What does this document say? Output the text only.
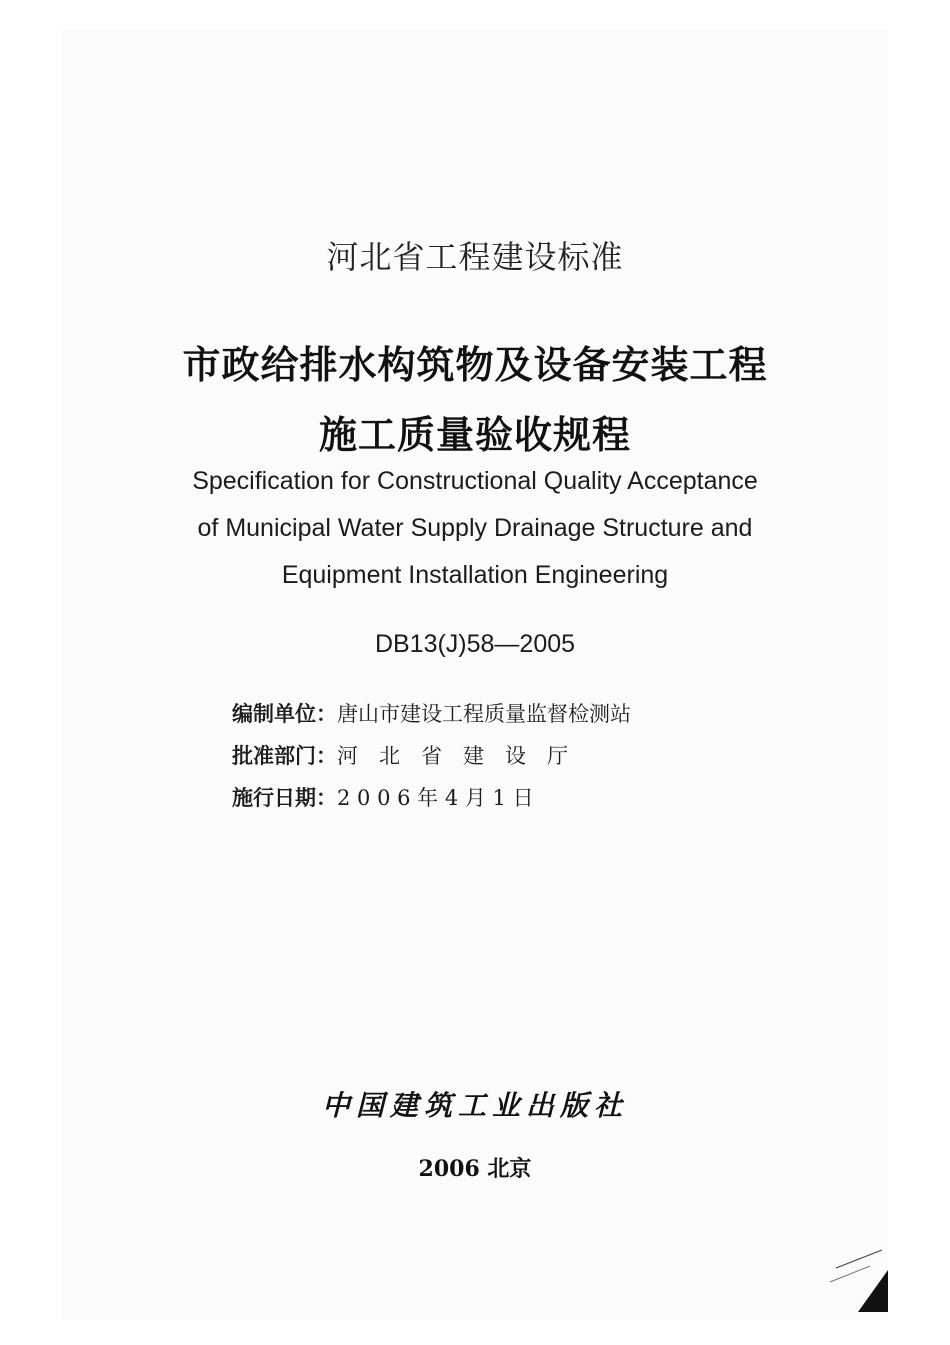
河北省工程建设标准
市政给排水构筑物及设备安装工程
施工质量验收规程
Specification for Constructional Quality Acceptance
of Municipal Water Supply Drainage Structure and
Equipment Installation Engineering
DB13(J)58—2005
编制单位：唐山市建设工程质量监督检测站
批准部门：河　北　省　建　设　厅
施行日期：2 0 0 6 年 4 月 1 日
中国建筑工业出版社
2006 北京
